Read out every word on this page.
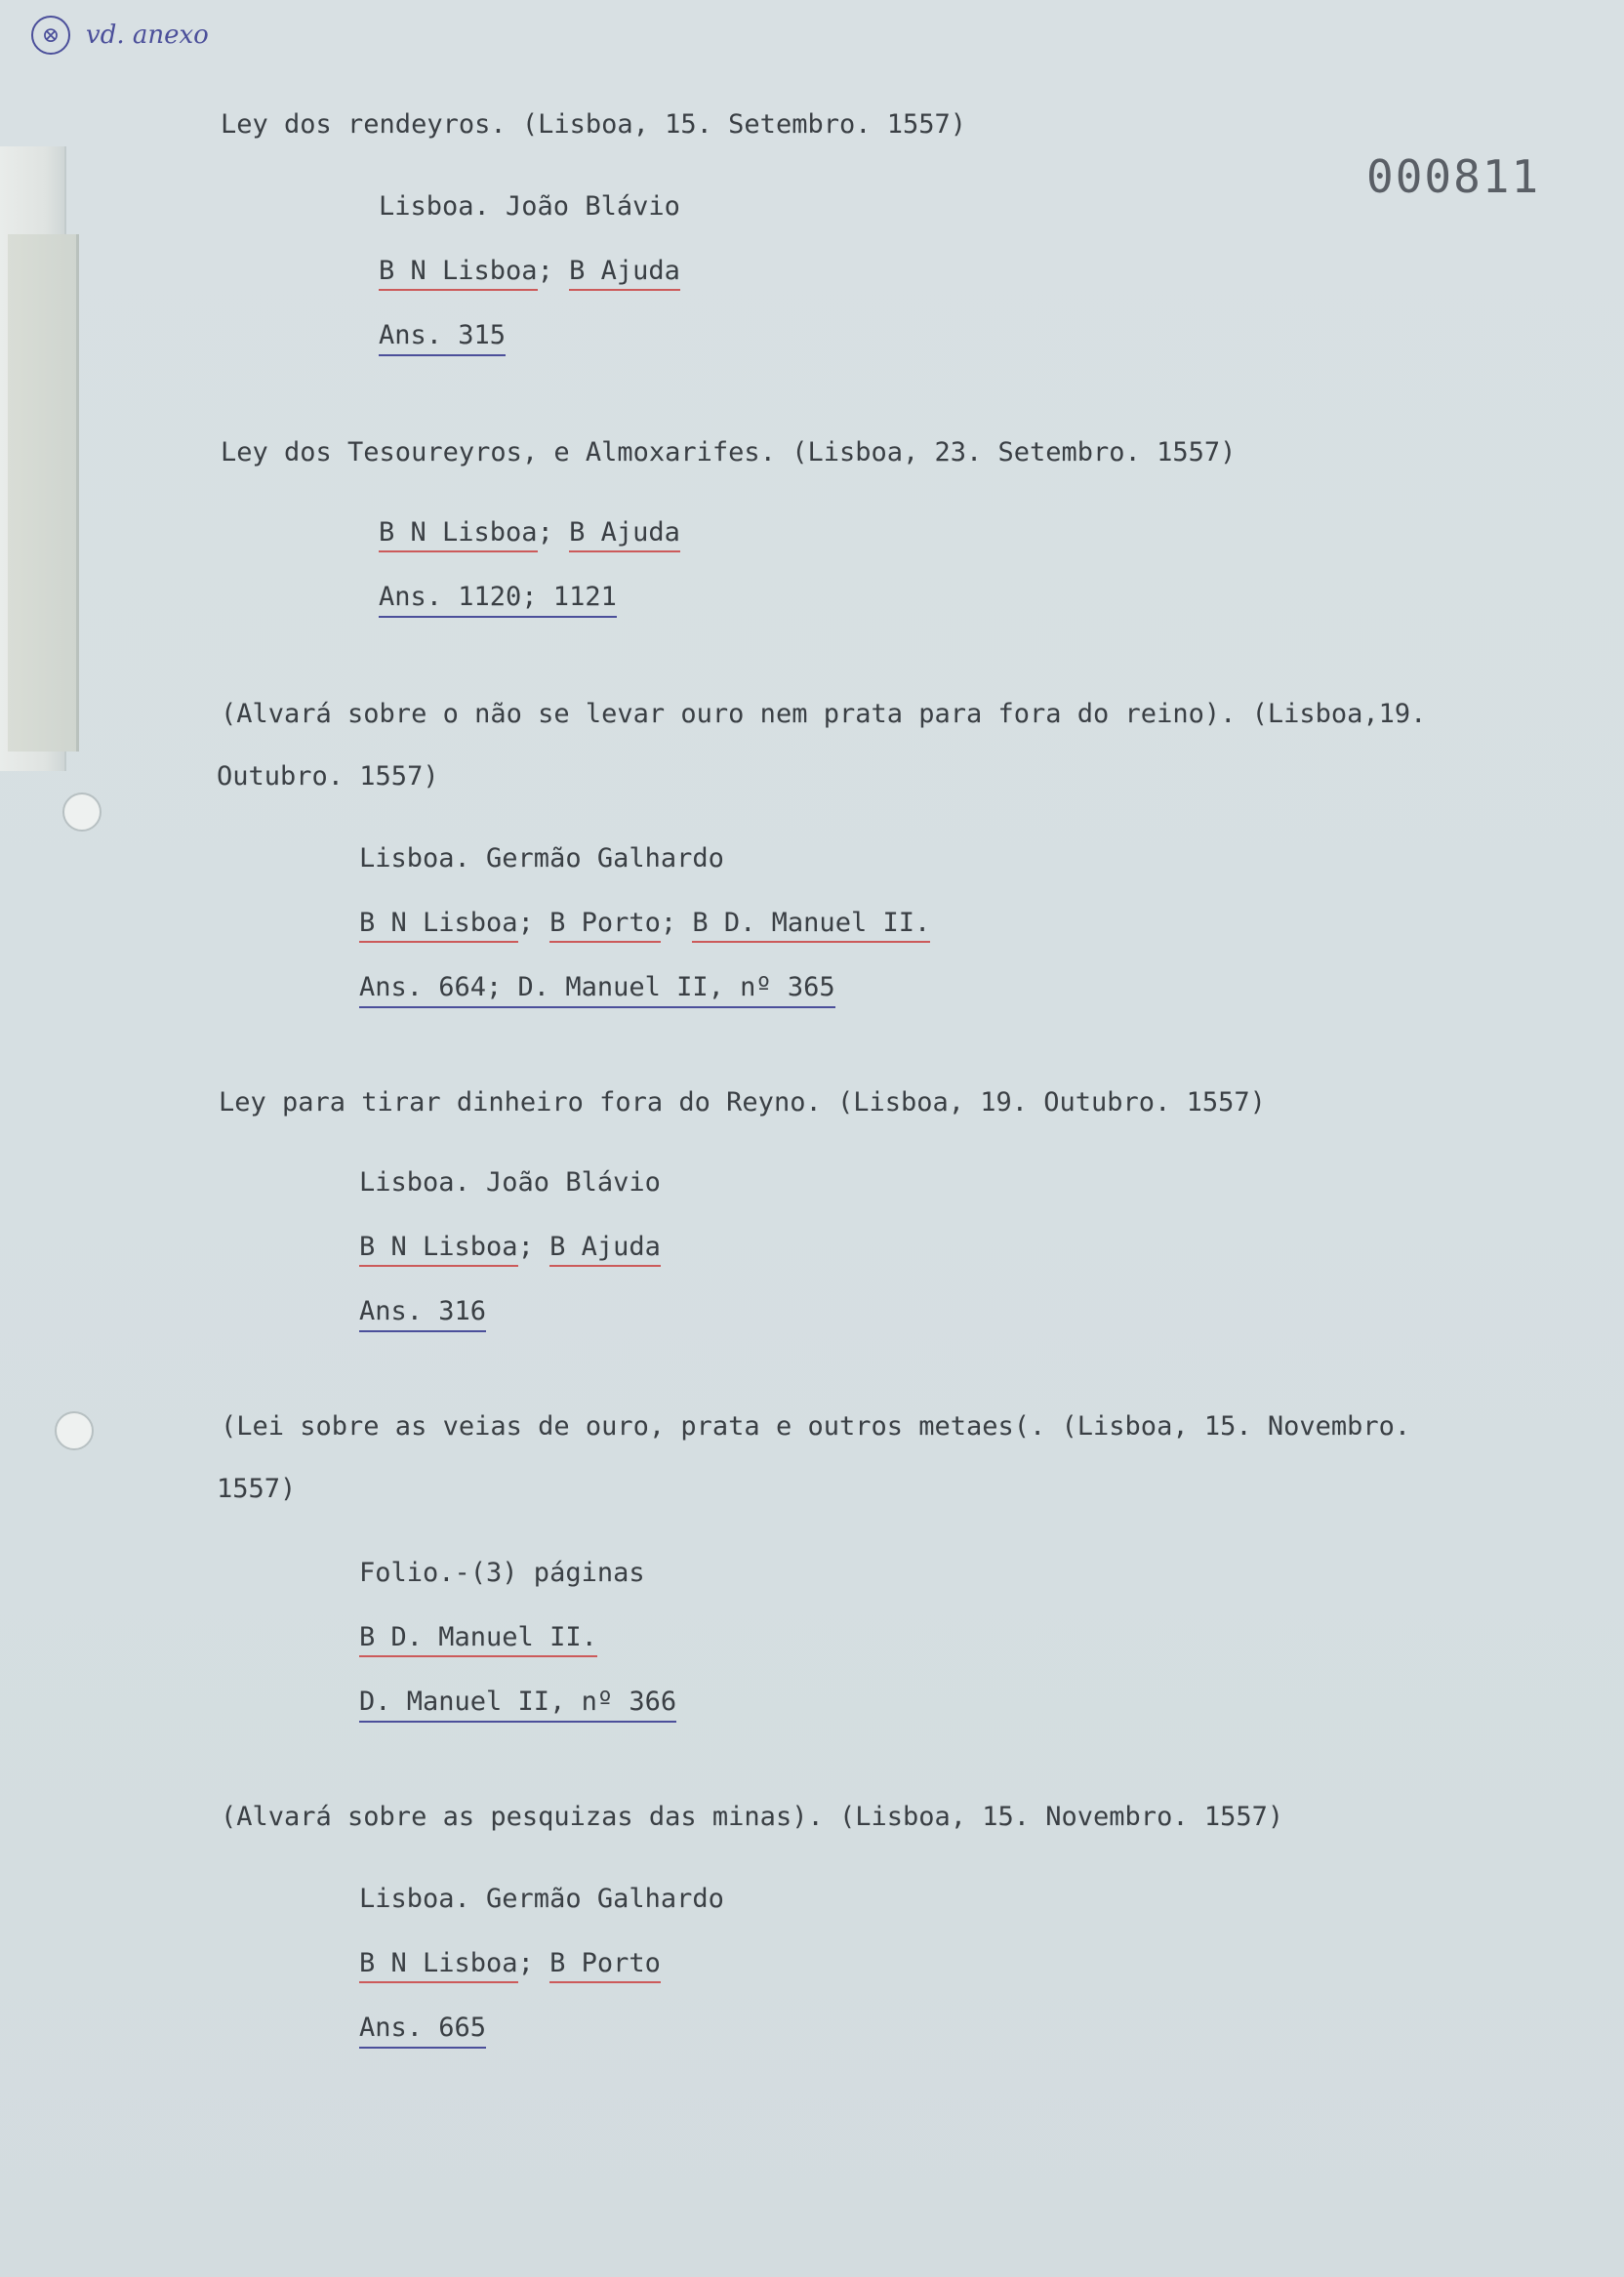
⊗	vd. anexo
000811
Ley dos rendeyros. (Lisboa, 15. Setembro. 1557)
Lisboa. João Blávio
B N Lisboa; B Ajuda
Ans. 315
Ley dos Tesoureyros, e Almoxarifes. (Lisboa, 23. Setembro. 1557)
B N Lisboa; B Ajuda
Ans. 1120; 1121
(Alvará sobre o não se levar ouro nem prata para fora do reino). (Lisboa,19.
Outubro. 1557)
Lisboa. Germão Galhardo
B N Lisboa; B Porto; B D. Manuel II.
Ans. 664; D. Manuel II, nº 365
Ley para tirar dinheiro fora do Reyno. (Lisboa, 19. Outubro. 1557)
Lisboa. João Blávio
B N Lisboa; B Ajuda
Ans. 316
(Lei sobre as veias de ouro, prata e outros metaes(. (Lisboa, 15. Novembro.
1557)
Folio.-(3) páginas
B D. Manuel II.
D. Manuel II, nº 366
(Alvará sobre as pesquizas das minas). (Lisboa, 15. Novembro. 1557)
Lisboa. Germão Galhardo
B N Lisboa; B Porto
Ans. 665
